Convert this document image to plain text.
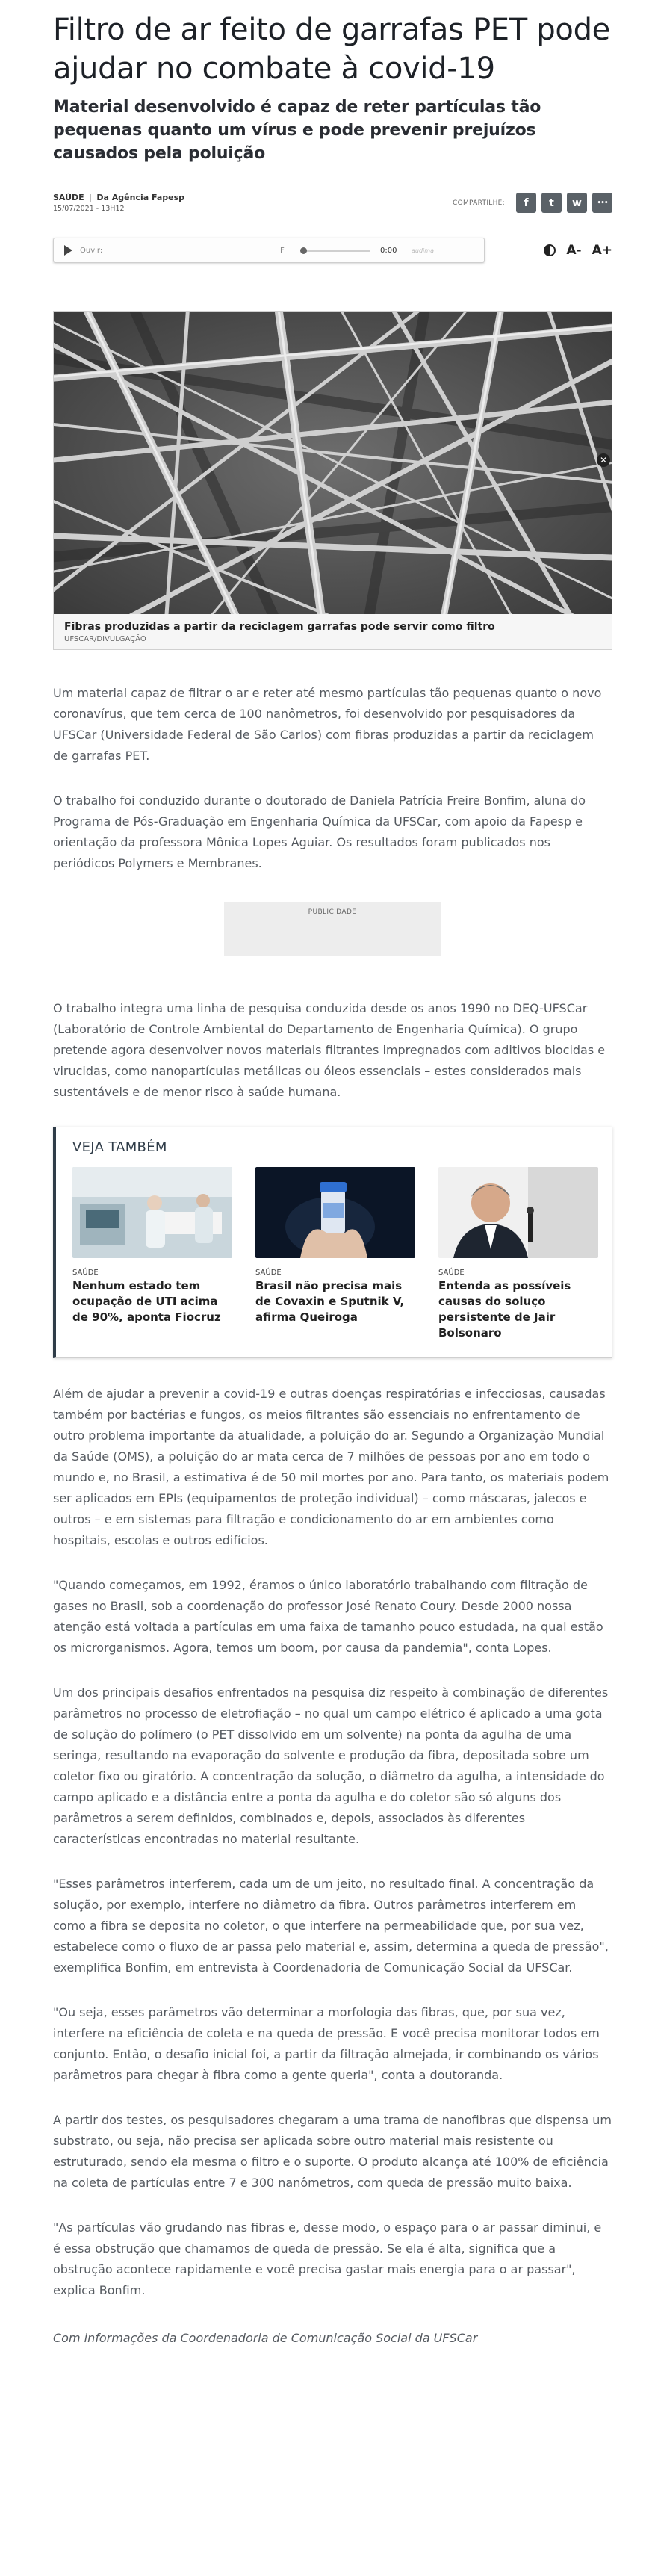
Filtro de ar feito de garrafas PET pode ajudar no combate à covid-19
Material desenvolvido é capaz de reter partículas tão pequenas quanto um vírus e pode prevenir prejuízos causados pela poluição
SAÚDE | Da Agência Fapesp
15/07/2021 - 13H12
COMPARTILHE: f t w •••
Ouvir:	F	0:00	audima	A- A+
✕
Fibras produzidas a partir da reciclagem garrafas pode servir como filtro
UFSCAR/DIVULGAÇÃO

Um material capaz de filtrar o ar e reter até mesmo partículas tão pequenas quanto o novo coronavírus, que tem cerca de 100 nanômetros, foi desenvolvido por pesquisadores da UFSCar (Universidade Federal de São Carlos) com fibras produzidas a partir da reciclagem de garrafas PET.

O trabalho foi conduzido durante o doutorado de Daniela Patrícia Freire Bonfim, aluna do Programa de Pós-Graduação em Engenharia Química da UFSCar, com apoio da Fapesp e orientação da professora Mônica Lopes Aguiar. Os resultados foram publicados nos periódicos Polymers e Membranes.

PUBLICIDADE

O trabalho integra uma linha de pesquisa conduzida desde os anos 1990 no DEQ-UFSCar (Laboratório de Controle Ambiental do Departamento de Engenharia Química). O grupo pretende agora desenvolver novos materiais filtrantes impregnados com aditivos biocidas e virucidas, como nanopartículas metálicas ou óleos essenciais – estes considerados mais sustentáveis e de menor risco à saúde humana.

VEJA TAMBÉM
SAÚDE
Nenhum estado tem ocupação de UTI acima de 90%, aponta Fiocruz
SAÚDE
Brasil não precisa mais de Covaxin e Sputnik V, afirma Queiroga
SAÚDE
Entenda as possíveis causas do soluço persistente de Jair Bolsonaro

Além de ajudar a prevenir a covid-19 e outras doenças respiratórias e infecciosas, causadas também por bactérias e fungos, os meios filtrantes são essenciais no enfrentamento de outro problema importante da atualidade, a poluição do ar. Segundo a Organização Mundial da Saúde (OMS), a poluição do ar mata cerca de 7 milhões de pessoas por ano em todo o mundo e, no Brasil, a estimativa é de 50 mil mortes por ano. Para tanto, os materiais podem ser aplicados em EPIs (equipamentos de proteção individual) – como máscaras, jalecos e outros – e em sistemas para filtração e condicionamento do ar em ambientes como hospitais, escolas e outros edifícios.

"Quando começamos, em 1992, éramos o único laboratório trabalhando com filtração de gases no Brasil, sob a coordenação do professor José Renato Coury. Desde 2000 nossa atenção está voltada a partículas em uma faixa de tamanho pouco estudada, na qual estão os microrganismos. Agora, temos um boom, por causa da pandemia", conta Lopes.

Um dos principais desafios enfrentados na pesquisa diz respeito à combinação de diferentes parâmetros no processo de eletrofiação – no qual um campo elétrico é aplicado a uma gota de solução do polímero (o PET dissolvido em um solvente) na ponta da agulha de uma seringa, resultando na evaporação do solvente e produção da fibra, depositada sobre um coletor fixo ou giratório. A concentração da solução, o diâmetro da agulha, a intensidade do campo aplicado e a distância entre a ponta da agulha e do coletor são só alguns dos parâmetros a serem definidos, combinados e, depois, associados às diferentes características encontradas no material resultante.

"Esses parâmetros interferem, cada um de um jeito, no resultado final. A concentração da solução, por exemplo, interfere no diâmetro da fibra. Outros parâmetros interferem em como a fibra se deposita no coletor, o que interfere na permeabilidade que, por sua vez, estabelece como o fluxo de ar passa pelo material e, assim, determina a queda de pressão", exemplifica Bonfim, em entrevista à Coordenadoria de Comunicação Social da UFSCar.

"Ou seja, esses parâmetros vão determinar a morfologia das fibras, que, por sua vez, interfere na eficiência de coleta e na queda de pressão. E você precisa monitorar todos em conjunto. Então, o desafio inicial foi, a partir da filtração almejada, ir combinando os vários parâmetros para chegar à fibra como a gente queria", conta a doutoranda.

A partir dos testes, os pesquisadores chegaram a uma trama de nanofibras que dispensa um substrato, ou seja, não precisa ser aplicada sobre outro material mais resistente ou estruturado, sendo ela mesma o filtro e o suporte. O produto alcança até 100% de eficiência na coleta de partículas entre 7 e 300 nanômetros, com queda de pressão muito baixa.

"As partículas vão grudando nas fibras e, desse modo, o espaço para o ar passar diminui, e é essa obstrução que chamamos de queda de pressão. Se ela é alta, significa que a obstrução acontece rapidamente e você precisa gastar mais energia para o ar passar", explica Bonfim.

Com informações da Coordenadoria de Comunicação Social da UFSCar
